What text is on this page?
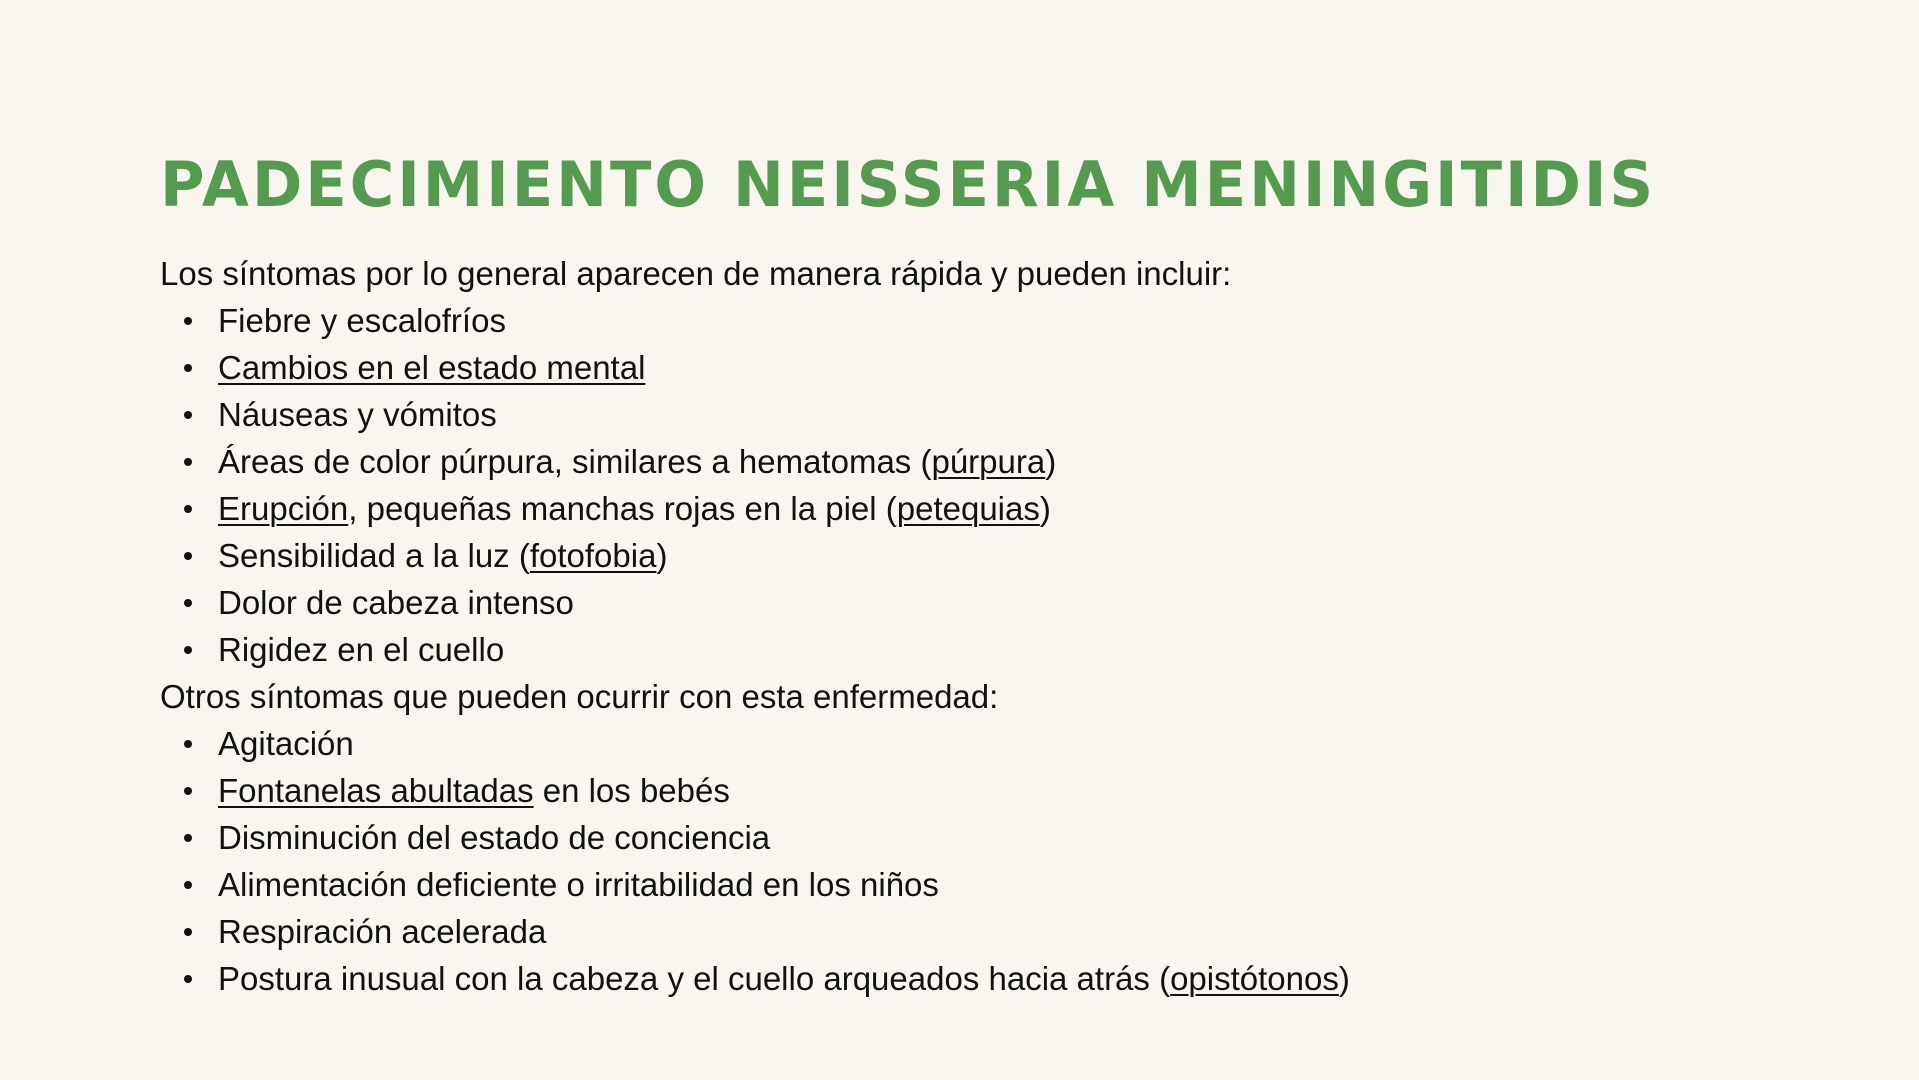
PADECIMIENTO NEISSERIA MENINGITIDIS

Los síntomas por lo general aparecen de manera rápida y pueden incluir:

Fiebre y escalofríos
Cambios en el estado mental
Náuseas y vómitos
Áreas de color púrpura, similares a hematomas (púrpura)
Erupción, pequeñas manchas rojas en la piel (petequias)
Sensibilidad a la luz (fotofobia)
Dolor de cabeza intenso
Rigidez en el cuello

Otros síntomas que pueden ocurrir con esta enfermedad:

Agitación
Fontanelas abultadas en los bebés
Disminución del estado de conciencia
Alimentación deficiente o irritabilidad en los niños
Respiración acelerada
Postura inusual con la cabeza y el cuello arqueados hacia atrás (opistótonos)
